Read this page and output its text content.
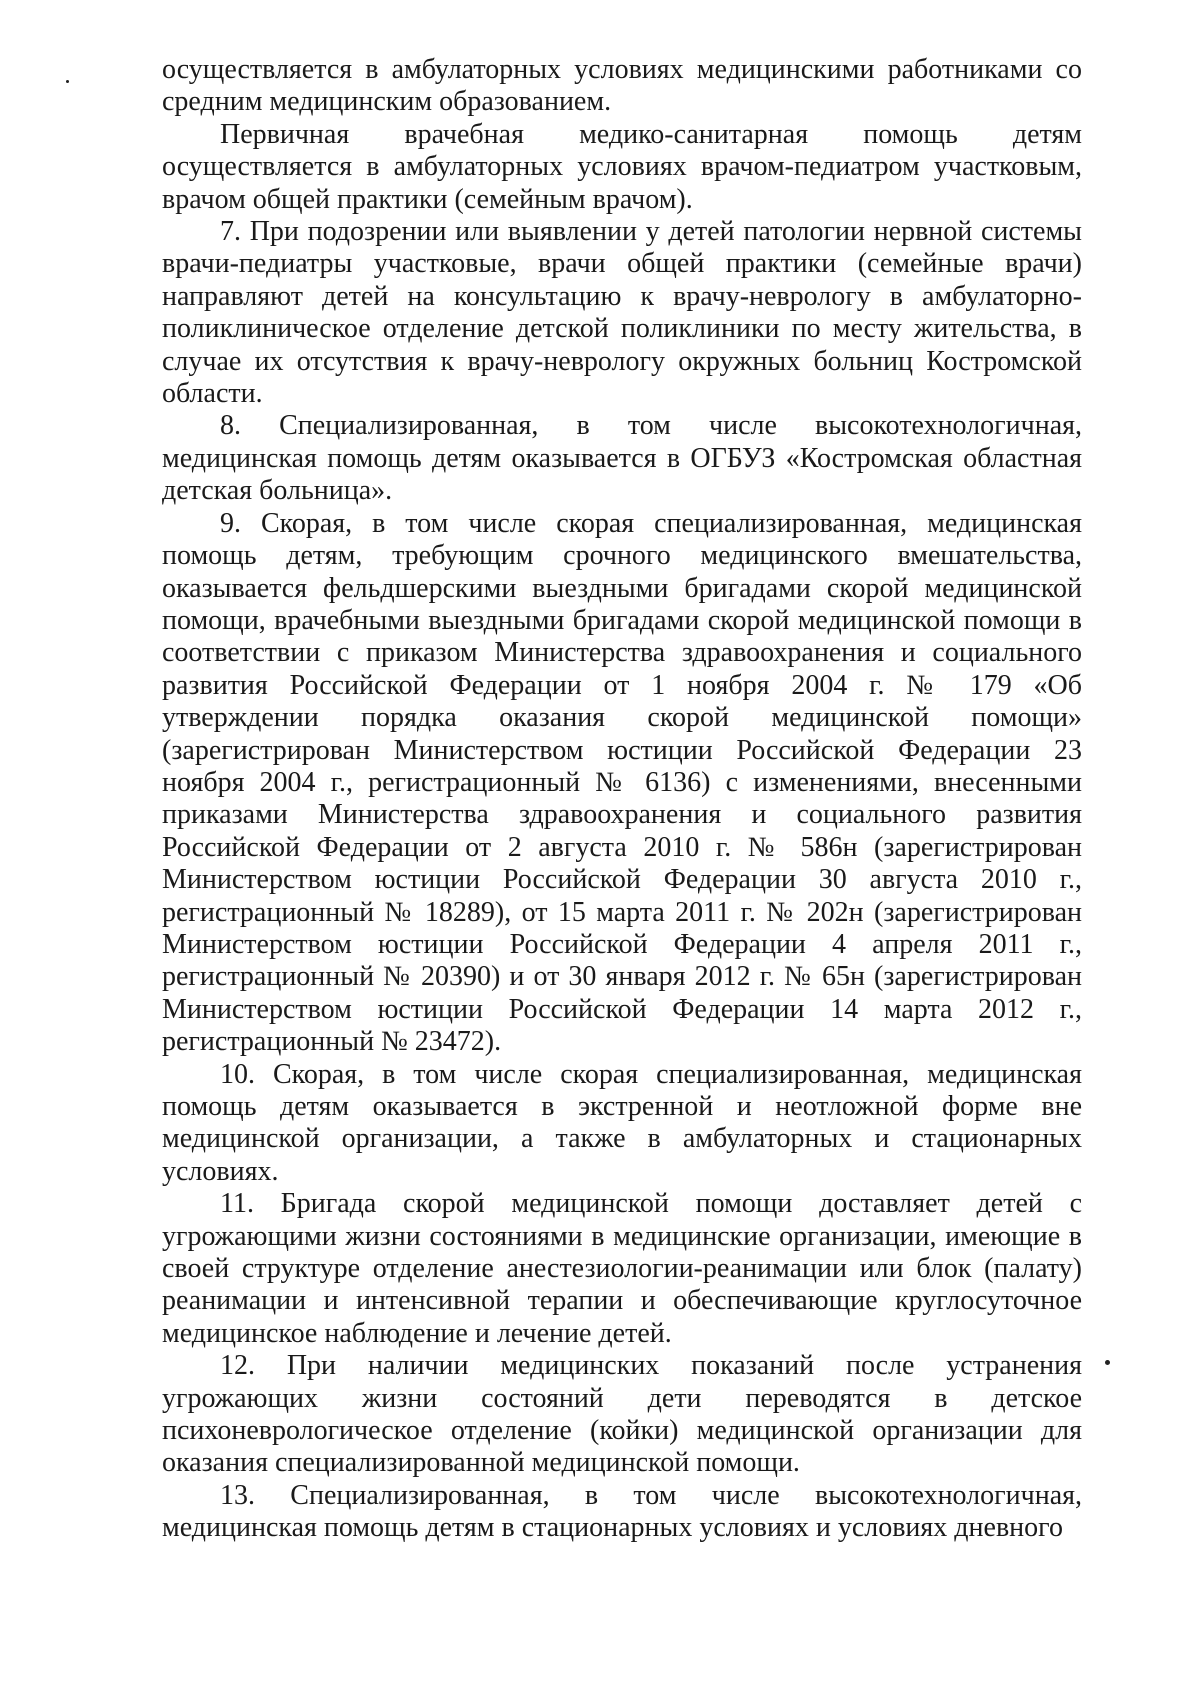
осуществляется в амбулаторных условиях медицинскими работниками со средним медицинским образованием.

Первичная врачебная медико-санитарная помощь детям осуществляется в амбулаторных условиях врачом-педиатром участковым, врачом общей практики (семейным врачом).

7. При подозрении или выявлении у детей патологии нервной системы врачи-педиатры участковые, врачи общей практики (семейные врачи) направляют детей на консультацию к врачу-неврологу в амбулаторно-поликлиническое отделение детской поликлиники по месту жительства, в случае их отсутствия к врачу-неврологу окружных больниц Костромской области.

8. Специализированная, в том числе высокотехнологичная, медицинская помощь детям оказывается в ОГБУЗ «Костромская областная детская больница».

9. Скорая, в том числе скорая специализированная, медицинская помощь детям, требующим срочного медицинского вмешательства, оказывается фельдшерскими выездными бригадами скорой медицинской помощи, врачебными выездными бригадами скорой медицинской помощи в соответствии с приказом Министерства здравоохранения и социального развития Российской Федерации от 1 ноября 2004 г. № 179 «Об утверждении порядка оказания скорой медицинской помощи» (зарегистрирован Министерством юстиции Российской Федерации 23 ноября 2004 г., регистрационный № 6136) с изменениями, внесенными приказами Министерства здравоохранения и социального развития Российской Федерации от 2 августа 2010 г. № 586н (зарегистрирован Министерством юстиции Российской Федерации 30 августа 2010 г., регистрационный № 18289), от 15 марта 2011 г. № 202н (зарегистрирован Министерством юстиции Российской Федерации 4 апреля 2011 г., регистрационный № 20390) и от 30 января 2012 г. № 65н (зарегистрирован Министерством юстиции Российской Федерации 14 марта 2012 г., регистрационный № 23472).

10. Скорая, в том числе скорая специализированная, медицинская помощь детям оказывается в экстренной и неотложной форме вне медицинской организации, а также в амбулаторных и стационарных условиях.

11. Бригада скорой медицинской помощи доставляет детей с угрожающими жизни состояниями в медицинские организации, имеющие в своей структуре отделение анестезиологии-реанимации или блок (палату) реанимации и интенсивной терапии и обеспечивающие круглосуточное медицинское наблюдение и лечение детей.

12. При наличии медицинских показаний после устранения угрожающих жизни состояний дети переводятся в детское психоневрологическое отделение (койки) медицинской организации для оказания специализированной медицинской помощи.

13. Специализированная, в том числе высокотехнологичная, медицинская помощь детям в стационарных условиях и условиях дневного
